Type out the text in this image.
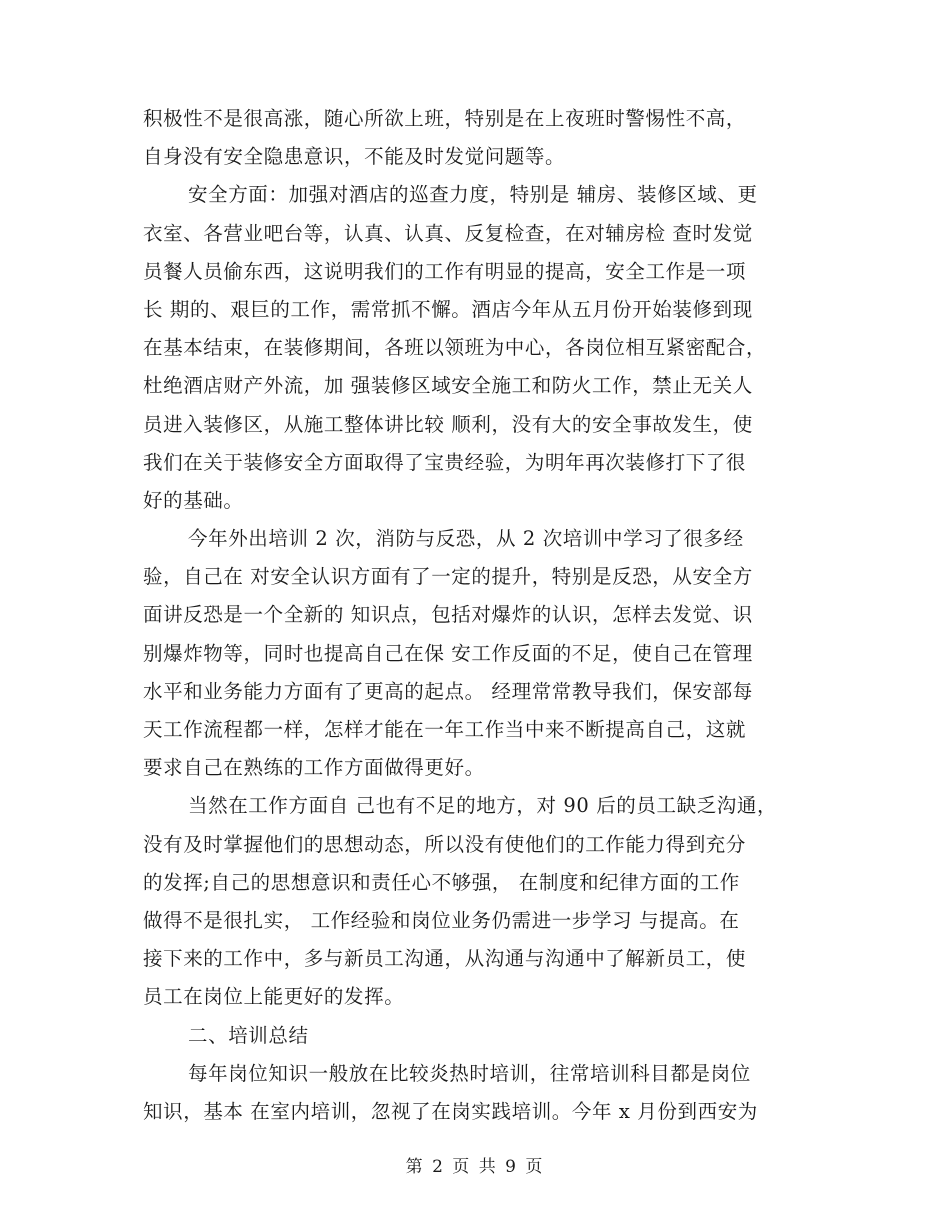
积极性不是很高涨，随心所欲上班，特别是在上夜班时警惕性不高，
自身没有安全隐患意识，不能及时发觉问题等。
安全方面：加强对酒店的巡查力度，特别是 辅房、装修区域、更
衣室、各营业吧台等，认真、认真、反复检查，在对辅房检 查时发觉
员餐人员偷东西，这说明我们的工作有明显的提高，安全工作是一项
长 期的、艰巨的工作，需常抓不懈。酒店今年从五月份开始装修到现
在基本结束，在装修期间，各班以领班为中心，各岗位相互紧密配合，
杜绝酒店财产外流，加 强装修区域安全施工和防火工作，禁止无关人
员进入装修区，从施工整体讲比较 顺利，没有大的安全事故发生，使
我们在关于装修安全方面取得了宝贵经验，为明年再次装修打下了很
好的基础。
今年外出培训 2 次，消防与反恐，从 2 次培训中学习了很多经
验，自己在 对安全认识方面有了一定的提升，特别是反恐，从安全方
面讲反恐是一个全新的 知识点，包括对爆炸的认识，怎样去发觉、识
别爆炸物等，同时也提高自己在保 安工作反面的不足，使自己在管理
水平和业务能力方面有了更高的起点。 经理常常教导我们，保安部每
天工作流程都一样，怎样才能在一年工作当中来不断提高自己，这就
要求自己在熟练的工作方面做得更好。
当然在工作方面自 己也有不足的地方，对 90 后的员工缺乏沟通，
没有及时掌握他们的思想动态，所以没有使他们的工作能力得到充分
的发挥;自己的思想意识和责任心不够强， 在制度和纪律方面的工作
做得不是很扎实， 工作经验和岗位业务仍需进一步学习 与提高。在
接下来的工作中，多与新员工沟通，从沟通与沟通中了解新员工，使
员工在岗位上能更好的发挥。
二、培训总结
每年岗位知识一般放在比较炎热时培训，往常培训科目都是岗位
知识，基本 在室内培训，忽视了在岗实践培训。今年 x 月份到西安为
第 2 页 共 9 页
